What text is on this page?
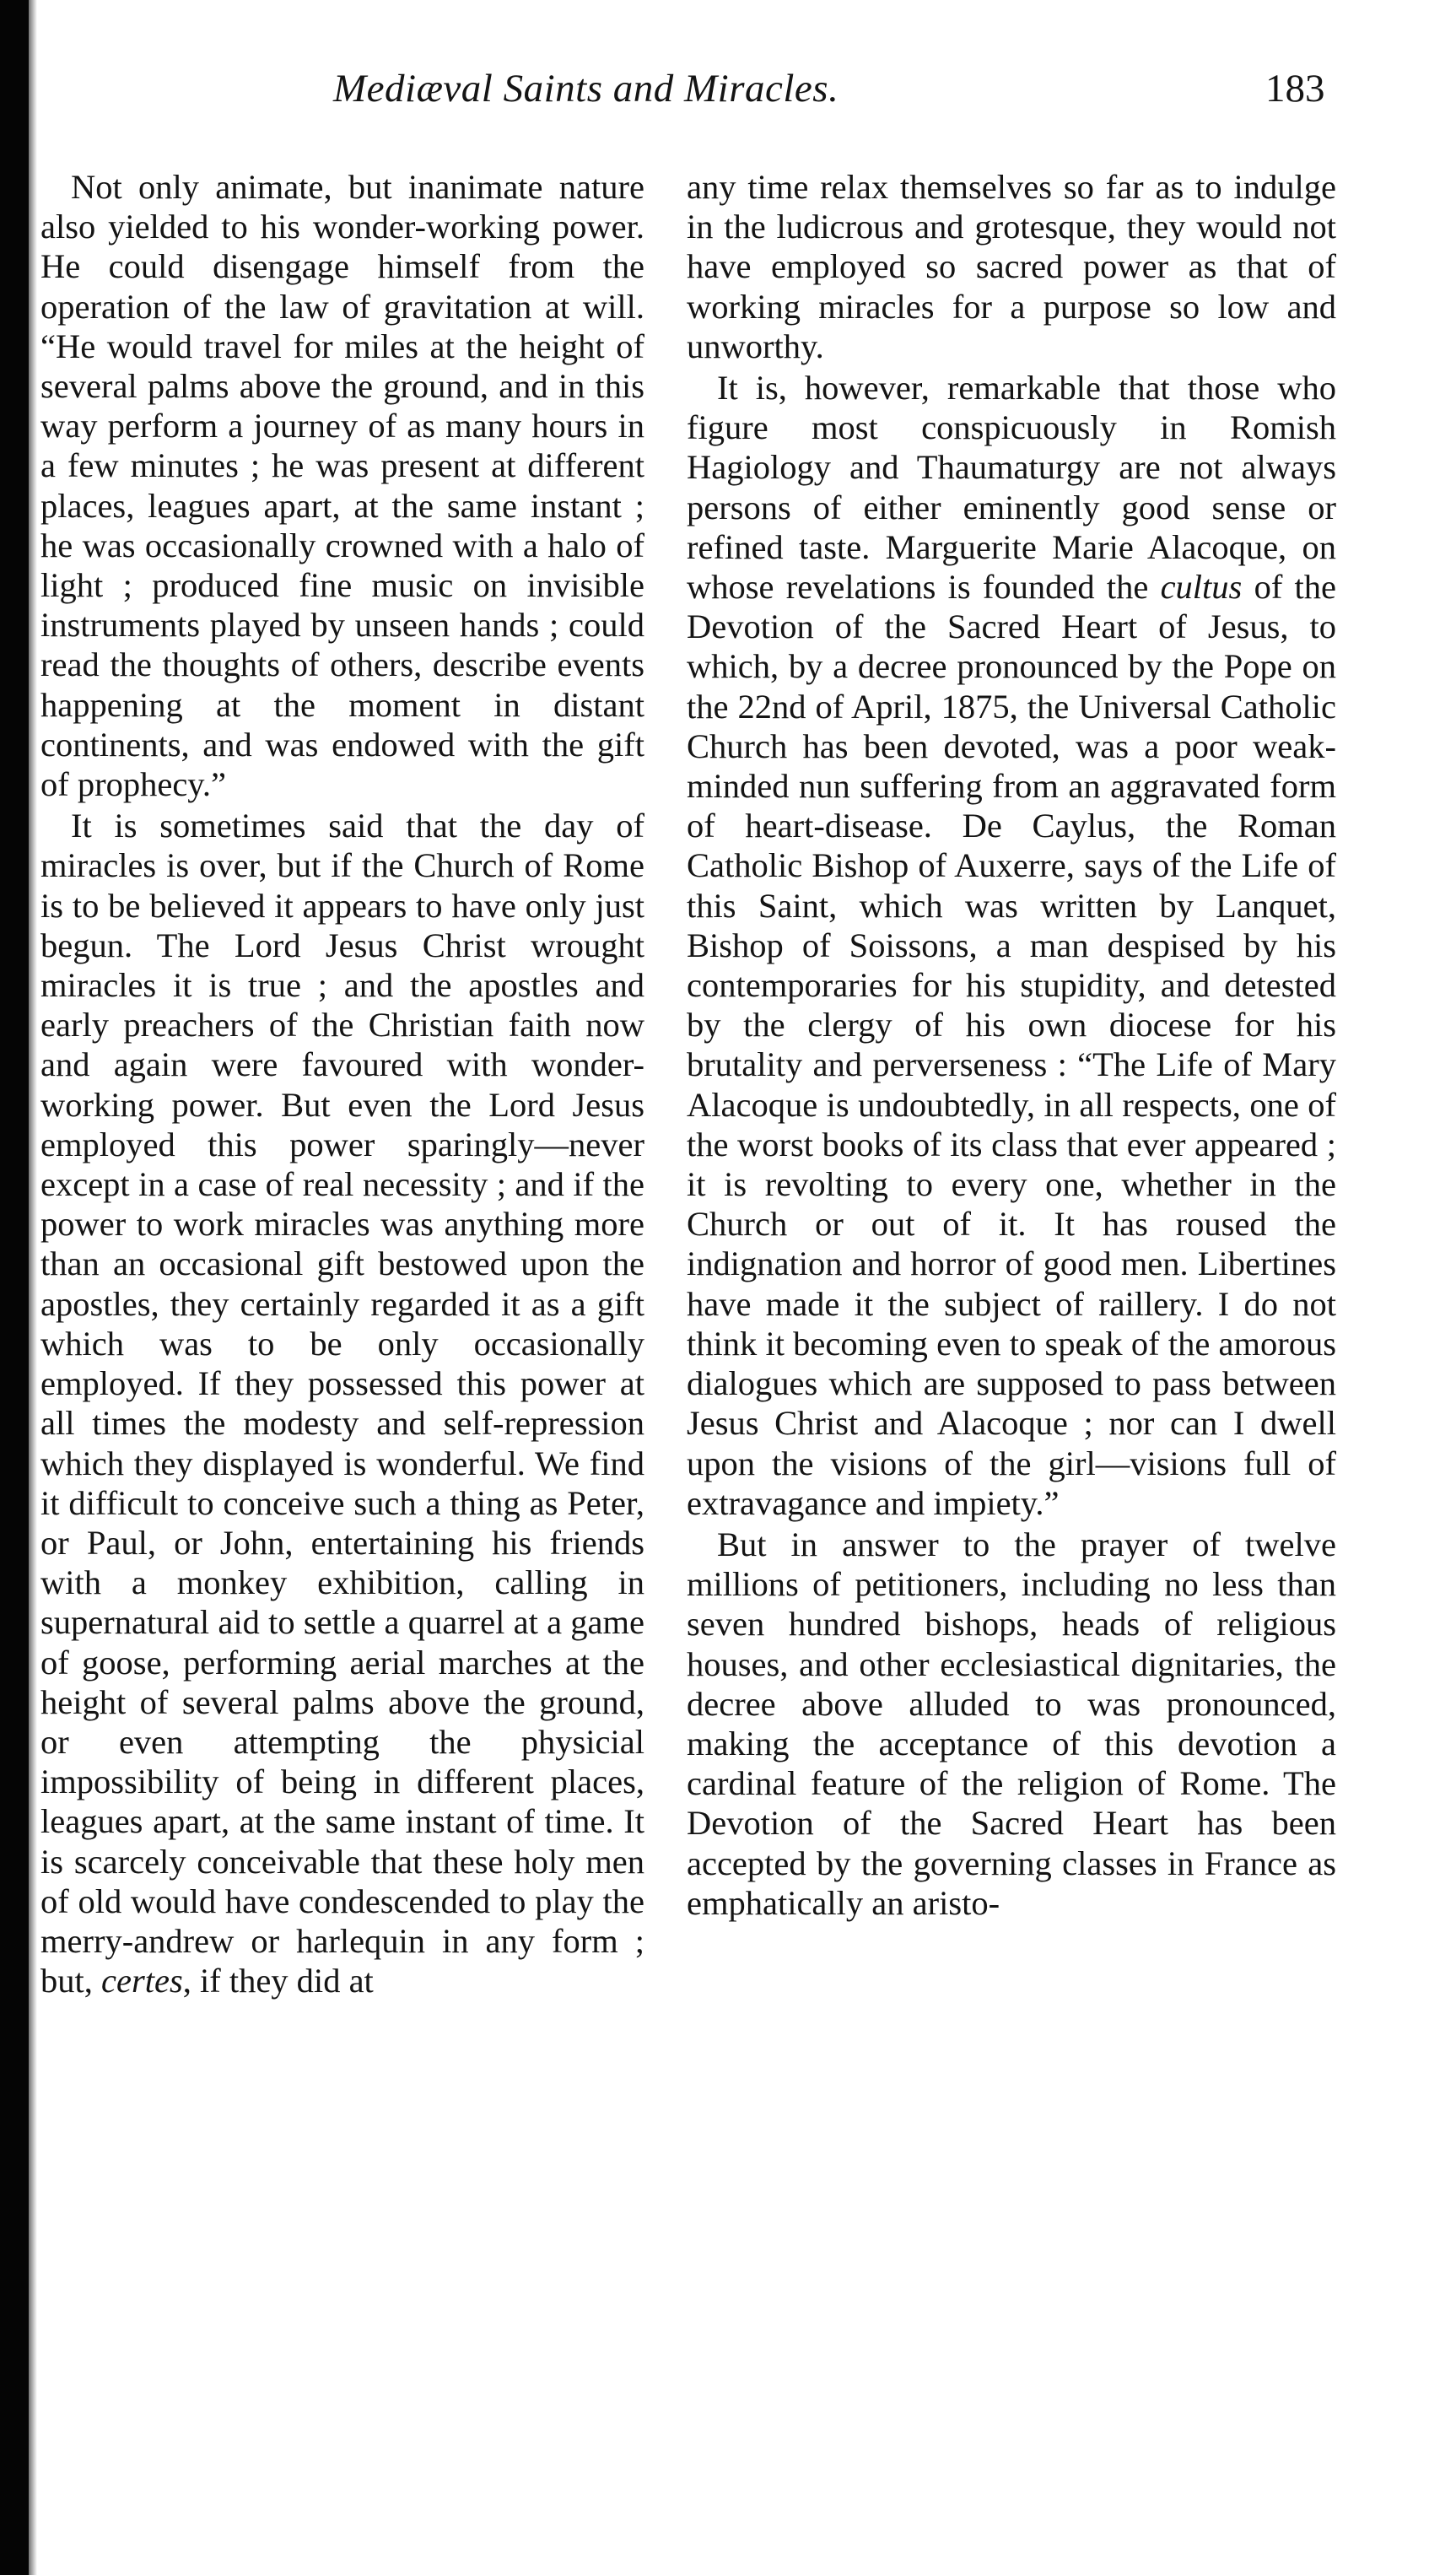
Mediæval Saints and Miracles.	183

Not only animate, but inanimate nature also yielded to his wonder-working power. He could disengage himself from the operation of the law of gravitation at will. “He would travel for miles at the height of several palms above the ground, and in this way perform a journey of as many hours in a few minutes ; he was present at different places, leagues apart, at the same instant ; he was occasionally crowned with a halo of light ; produced fine music on invisible instruments played by unseen hands ; could read the thoughts of others, describe events happening at the moment in distant continents, and was endowed with the gift of prophecy.”

It is sometimes said that the day of miracles is over, but if the Church of Rome is to be believed it appears to have only just begun. The Lord Jesus Christ wrought miracles it is true ; and the apostles and early preachers of the Christian faith now and again were favoured with wonder-working power. But even the Lord Jesus employed this power sparingly—never except in a case of real necessity ; and if the power to work miracles was anything more than an occasional gift bestowed upon the apostles, they certainly regarded it as a gift which was to be only occasionally employed. If they possessed this power at all times the modesty and self-repression which they displayed is wonderful. We find it difficult to conceive such a thing as Peter, or Paul, or John, entertaining his friends with a monkey exhibition, calling in supernatural aid to settle a quarrel at a game of goose, performing aerial marches at the height of several palms above the ground, or even attempting the physicial impossibility of being in different places, leagues apart, at the same instant of time. It is scarcely conceivable that these holy men of old would have condescended to play the merry-andrew or harlequin in any form ; but, certes, if they did at

any time relax themselves so far as to indulge in the ludicrous and grotesque, they would not have employed so sacred power as that of working miracles for a purpose so low and unworthy.

It is, however, remarkable that those who figure most conspicuously in Romish Hagiology and Thaumaturgy are not always persons of either eminently good sense or refined taste. Marguerite Marie Alacoque, on whose revelations is founded the cultus of the Devotion of the Sacred Heart of Jesus, to which, by a decree pronounced by the Pope on the 22nd of April, 1875, the Universal Catholic Church has been devoted, was a poor weak-minded nun suffering from an aggravated form of heart-disease. De Caylus, the Roman Catholic Bishop of Auxerre, says of the Life of this Saint, which was written by Lanquet, Bishop of Soissons, a man despised by his contemporaries for his stupidity, and detested by the clergy of his own diocese for his brutality and perverseness : “The Life of Mary Alacoque is undoubtedly, in all respects, one of the worst books of its class that ever appeared ; it is revolting to every one, whether in the Church or out of it. It has roused the indignation and horror of good men. Libertines have made it the subject of raillery. I do not think it becoming even to speak of the amorous dialogues which are supposed to pass between Jesus Christ and Alacoque ; nor can I dwell upon the visions of the girl—visions full of extravagance and impiety.”

But in answer to the prayer of twelve millions of petitioners, including no less than seven hundred bishops, heads of religious houses, and other ecclesiastical dignitaries, the decree above alluded to was pronounced, making the acceptance of this devotion a cardinal feature of the religion of Rome. The Devotion of the Sacred Heart has been accepted by the governing classes in France as emphatically an aristo-
